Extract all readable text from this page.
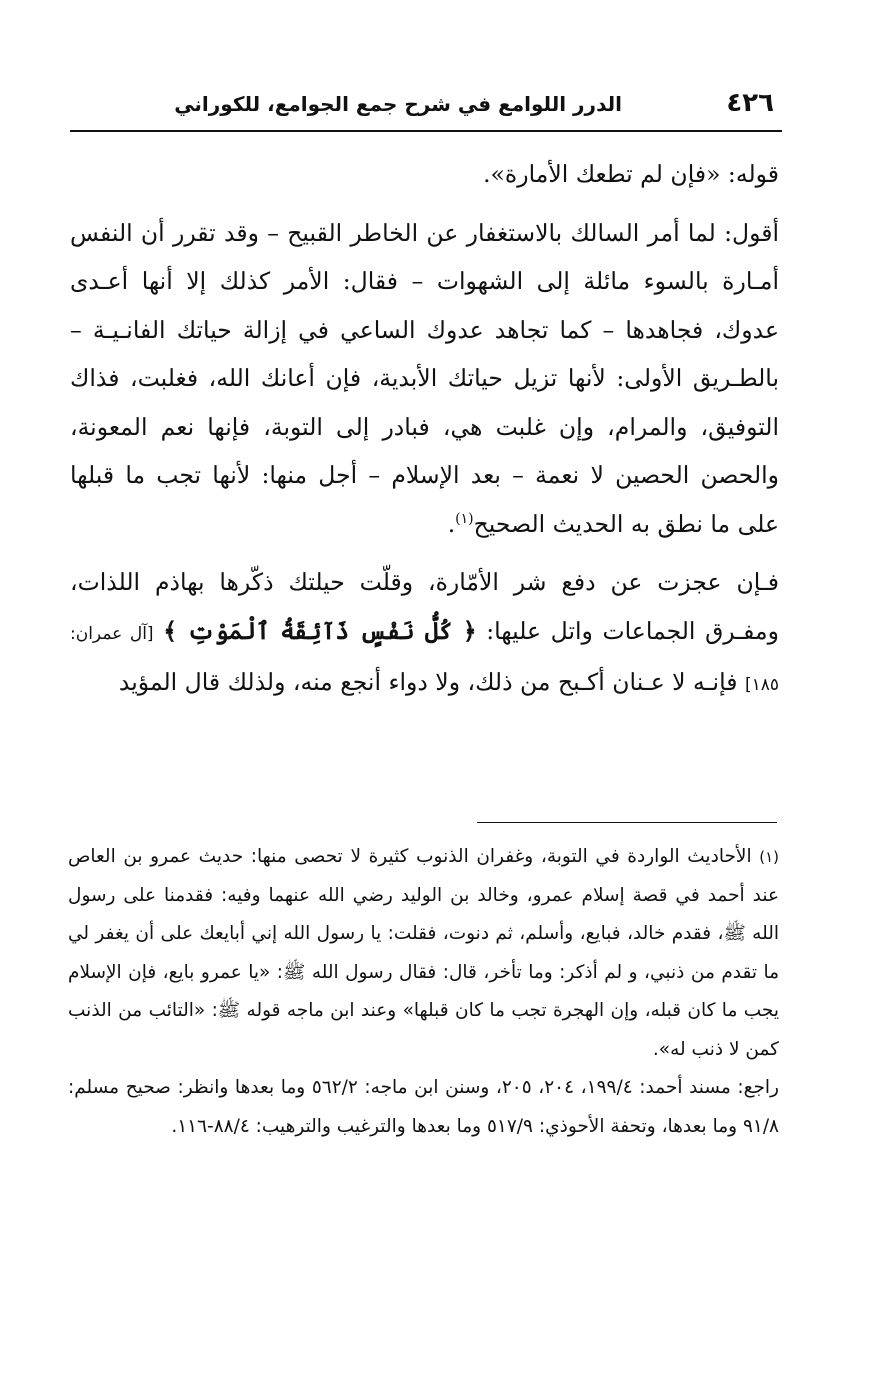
٤٢٦
الدرر اللوامع في شرح جمع الجوامع، للكوراني

قوله: «فإن لم تطعك الأمارة».

أقول: لما أمر السالك بالاستغفار عن الخاطر القبيح – وقد تقرر أن النفس أمـارة بالسوء مائلة إلى الشهوات – فقال: الأمر كذلك إلا أنها أعـدى عدوك، فجاهدها – كما تجاهد عدوك الساعي في إزالة حياتك الفانـيـة – بالطـريق الأولى: لأنها تزيل حياتك الأبدية، فإن أعانك الله، فغلبت، فذاك التوفيق، والمرام، وإن غلبت هي، فبادر إلى التوبة، فإنها نعم المعونة، والحصن الحصين لا نعمة – بعد الإسلام – أجل منها: لأنها تجب ما قبلها على ما نطق به الحديث الصحيح$^{(١)}$.

فـإن عجزت عن دفع شر الأمّارة، وقلّت حيلتك ذكّرها بهاذم اللذات، ومفـرق الجماعات واتل عليها: ﴿ كُلُّ نَفْسٍ ذَآئِقَةُ ٱلْمَوْتِ ﴾ [آل عمران: ١٨٥] فإنـه لا عـنان أكـبح من ذلك، ولا دواء أنجع منه، ولذلك قال المؤيد

(١) الأحاديث الواردة في التوبة، وغفران الذنوب كثيرة لا تحصى منها: حديث عمرو بن العاص عند أحمد في قصة إسلام عمرو، وخالد بن الوليد رضي الله عنهما وفيه: فقدمنا على رسول الله ﷺ، فقدم خالد، فبايع، وأسلم، ثم دنوت، فقلت: يا رسول الله إني أبايعك على أن يغفر لي ما تقدم من ذنبي، و لم أذكر: وما تأخر، قال: فقال رسول الله ﷺ: «يا عمرو بايع، فإن الإسلام يجب ما كان قبله، وإن الهجرة تجب ما كان قبلها» وعند ابن ماجه قوله ﷺ: «التائب من الذنب كمن لا ذنب له».

راجع: مسند أحمد: ١٩٩/٤، ٢٠٤، ٢٠٥، وسنن ابن ماجه: ٥٦٢/٢ وما بعدها وانظر: صحيح مسلم: ٩١/٨ وما بعدها، وتحفة الأحوذي: ٥١٧/٩ وما بعدها والترغيب والترهيب: ٨٨/٤-١١٦.
